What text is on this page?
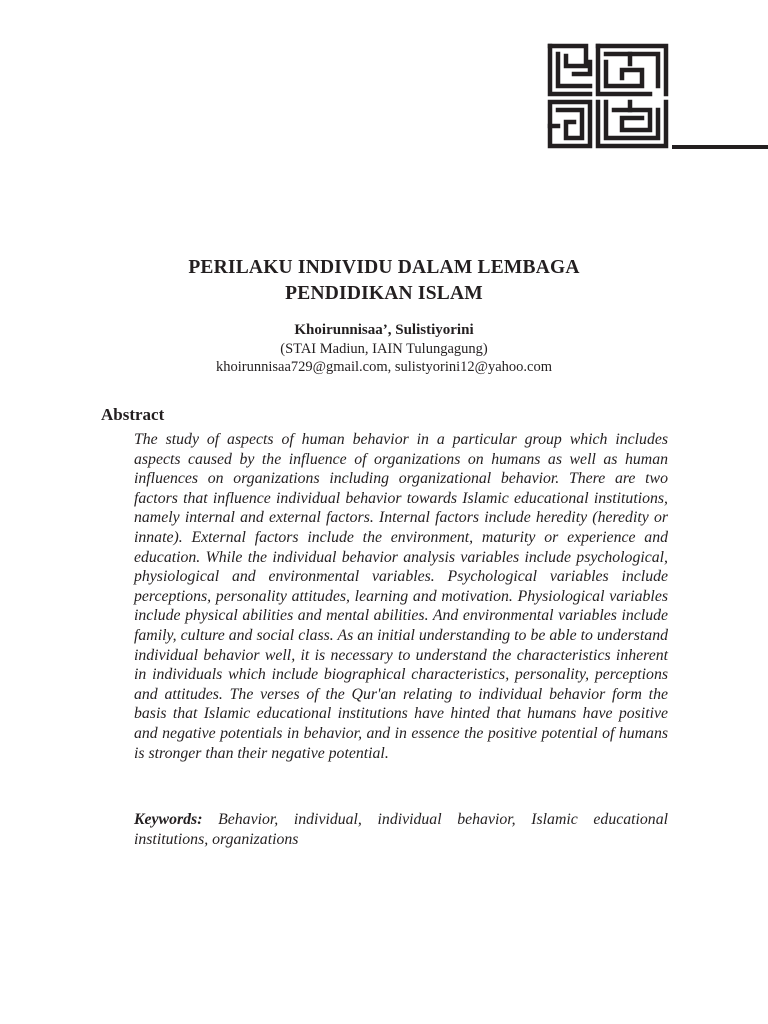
PERILAKU INDIVIDU DALAM LEMBAGA
PENDIDIKAN ISLAM
Khoirunnisaa’, Sulistiyorini
(STAI Madiun, IAIN Tulungagung)
khoirunnisaa729@gmail.com, sulistyorini12@yahoo.com
Abstract

The study of aspects of human behavior in a particular group which includes aspects caused by the influence of organizations on humans as well as human influences on organizations including organizational behavior. There are two factors that influence individual behavior towards Islamic educational institutions, namely internal and external factors. Internal factors include heredity (heredity or innate). External factors include the environment, maturity or experience and education. While the individual behavior analysis variables include psychological, physiological and environmental variables. Psychological variables include perceptions, personality attitudes, learning and motivation. Physiological variables include physical abilities and mental abilities. And environmental variables include family, culture and social class. As an initial understanding to be able to understand individual behavior well, it is necessary to understand the characteristics inherent in individuals which include biographical characteristics, personality, perceptions and attitudes. The verses of the Qur'an relating to individual behavior form the basis that Islamic educational institutions have hinted that humans have positive and negative potentials in behavior, and in essence the positive potential of humans is stronger than their negative potential.

Keywords: Behavior, individual, individual behavior, Islamic educational institutions, organizations
